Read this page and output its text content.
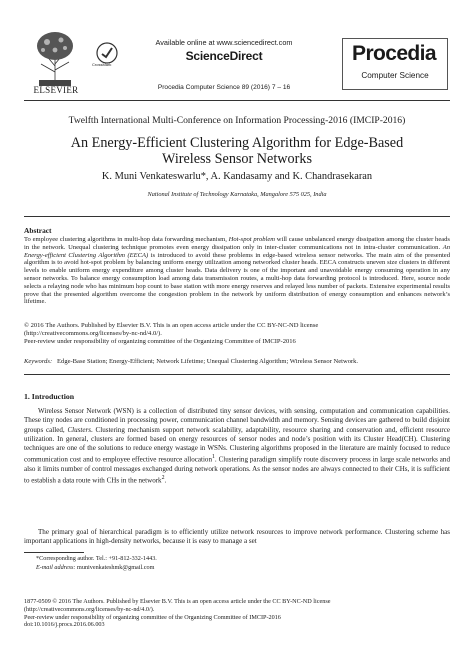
ELSEVIER
CrossMark
Available online at www.sciencedirect.com
ScienceDirect
Procedia Computer Science 89 (2016) 7 – 16
Procedia
Computer Science
Twelfth International Multi-Conference on Information Processing-2016 (IMCIP-2016)
An Energy-Efficient Clustering Algorithm for Edge-Based
Wireless Sensor Networks
K. Muni Venkateswarlu*, A. Kandasamy and K. Chandrasekaran
National Institute of Technology Karnataka, Mangalore 575 025, India
Abstract
To employee clustering algorithms in multi-hop data forwarding mechanism, Hot-spot problem will cause unbalanced energy dissipation among the cluster heads in the network. Unequal clustering technique promotes even energy dissipation only in inter-cluster communications not in intra-cluster communication. An Energy-efficient Clustering Algorithm (EECA) is introduced to avoid these problems in edge-based wireless sensor networks. The main aim of the presented algorithm is to avoid hot-spot problem by balancing uniform energy utilization among networked cluster heads. EECA constructs uneven size clusters in different levels to enable uniform energy expenditure among cluster heads. Data delivery is one of the important and unavoidable energy consuming operation in any sensor networks. To balance energy consumption load among data transmission routes, a multi-hop data forwarding protocol is introduced. Here, source node selects a relaying node who has minimum hop count to base station with more energy reserves and relayed less number of packets. Extensive experimental results prove that the presented algorithm overcome the congestion problem in the network by uniform distribution of energy consumption and enhances network’s lifetime.
© 2016 The Authors. Published by Elsevier B.V. This is an open access article under the CC BY-NC-ND license
(http://creativecommons.org/licenses/by-nc-nd/4.0/).
Peer-review under responsibility of organizing committee of the Organizing Committee of IMCIP-2016
Keywords: Edge-Base Station; Energy-Efficient; Network Lifetime; Unequal Clustering Algorithm; Wireless Sensor Network.
1. Introduction
Wireless Sensor Network (WSN) is a collection of distributed tiny sensor devices, with sensing, computation and communication capabilities. These tiny nodes are conditioned in processing power, communication channel bandwidth and memory. Sensing devices are gathered to build disjoint groups called, Clusters. Clustering mechanism support network scalability, adaptability, resource sharing and conservation and, efficient resource utilization. In general, clusters are formed based on energy resources of sensor nodes and node’s position with its Cluster Head(CH). Clustering techniques are one of the solutions to reduce energy wastage in WSNs. Clustering algorithms proposed in the literature are mainly focused to reduce communication cost and to employee effective resource allocation$^1$. Clustering paradigm simplify route discovery process in large scale networks and also it limits number of control messages exchanged during network operations. As the sensor nodes are always connected to their CHs, it is sufficient to establish a data route with CHs in the network$^2$.
The primary goal of hierarchical paradigm is to efficiently utilize network resources to improve network performance. Clustering scheme has important applications in high-density networks, because it is easy to manage a set
*Corresponding author. Tel.: +91-812-332-1443.
E-mail address: munivenkateshmk@gmail.com
1877-0509 © 2016 The Authors. Published by Elsevier B.V. This is an open access article under the CC BY-NC-ND license
(http://creativecommons.org/licenses/by-nc-nd/4.0/).
Peer-review under responsibility of organizing committee of the Organizing Committee of IMCIP-2016
doi:10.1016/j.procs.2016.06.003
